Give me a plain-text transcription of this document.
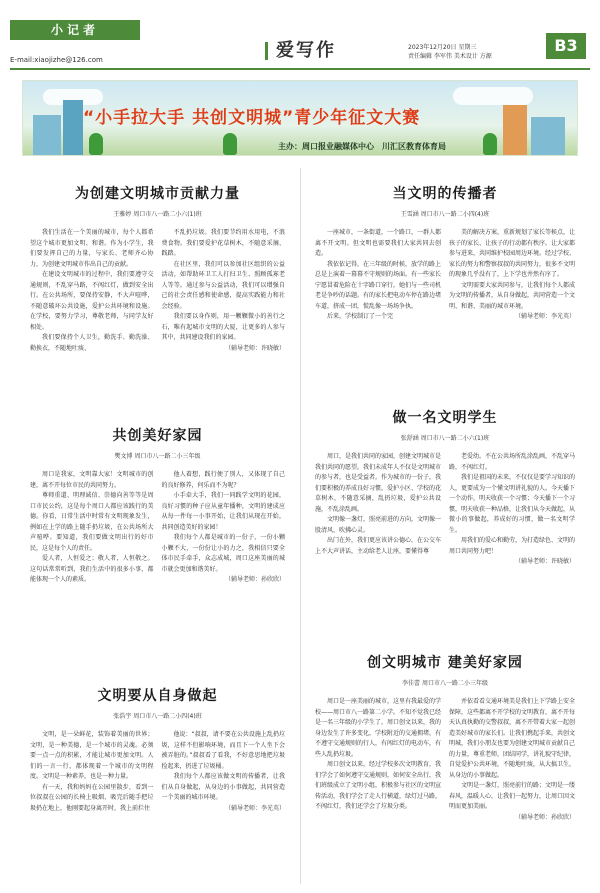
小记者
E-mail:xiaojizhe@126.com	爱写作	2023年12月20日 星期三
责任编辑 李军伟 美术设计 方源
B3
“小手拉大手 共创文明城”青少年征文大赛
主办：周口报业融媒体中心　川汇区教育体育局
为创建文明城市贡献力量
王雅婷 周口市八一路二小六(1)班

我们生活在一个美丽的城市，每个人都希望这个城市更加文明、和谐。作为小学生，我们要发挥自己的力量，与家长、老师齐心协力，为创建文明城市作出自己的贡献。

在建设文明城市的过程中，我们要遵守交通规则，不乱穿马路，不闯红灯，做到安全出行。在公共场所，要保持安静，不大声喧哗，不随意破坏公共设施，爱护公共环境和设施。在学校，要努力学习，尊敬老师，与同学友好相处。

我们要保持个人卫生，勤洗手、勤洗澡、勤换衣，不随地吐痰、

不乱扔垃圾。我们要节约用水用电，不浪费食物。我们要爱护花草树木，不随意采摘、践踏。

在社区里，我们可以参加社区组织的公益活动，如帮助环卫工人打扫卫生、照顾孤寡老人等等。通过参与公益活动，我们可以增强自己的社会责任感和使命感，提高实践能力和社会经验。

我们要以身作则，用一颗颗微小的善行之石，唯有起城市文明的大厦，让更多的人参与其中，共同建设我们的家园。

（辅导老师：许晓敏）
当文明的传播者
王雪涵 周口市八一路二小四(4)班

一座城市，一条街道，一个路口，一群人都离不开文明。但文明也需要我们大家共同去创造。

我依依记得，在三年级的时候，放学的路上总是上演着一幕幕不守规则的场面。有一些家长宁愿冒着危险在十字路口穿行，她们与一些司机老是争吵的话题。有的家长把电动车停在路边堵车道，挤成一团，慌乱像一场场争执。

后来，学校制订了一个完

美的解决方案，重新规划了家长等候点，让孩子的家长、让孩子的行动都有秩序。让大家都参与进来，共同维护校园周边环境。经过学校、家长的努力和警察叔叔的共同努力，很多不文明的现象几乎没有了，上下学也井然有序了。

文明需要大家共同参与，让我们每个人都成为文明的传播者，从自身做起，共同营造一个文明、和谐、美丽的城市环境。

（辅导老师：李光英）
共创美好家园
樊文博 周口市八一路二小三年级

周口是我家，文明靠大家！文明城市的创建，离不开每位市民的共同努力。

尊师重道、明理诚信、崇德向善等等是周口市民公约，这是每个周口人都应该践行的美德。你看，日常生活中时常有文明现象发生，例如在上学的路上随手扔垃圾，在公共场所大声喧哗。要知道，我们要做文明出行的好市民，这是每个人的责任。

爱人者，人恒爱之；敬人者，人恒敬之。这句话常常听到，我们生活中的很多小事，都能体现一个人的素质。

他人着想，践行便了别人，又体现了自己的良好修养，何乐而不为呢？

小手牵大手，我们一同践学文明的花园，良好习惯的种子应从童年播种，文明的建成应从每一件每一小事开始，让我们从现在开始，共同创造美好的家园！

我们每个人都是城市的一份子，一份小颗小颗不大，一份份让小的力之，我相信只要全体市民手牵手，众志成城，周口这座美丽的城市就会更加和谐美好。

（辅导老师：孙欣欣）
做一名文明学生
张舒涵 周口市八一路二小六(1)班

周口，是我们共同的家园，创建文明城市是我们共同的愿望。我们未成年人不仅是文明城市的参与者，也是受益者。作为城市的一份子，我们要积极的养成良好习惯，爱护小区、学校的花草树木，不随意采摘，乱扔垃圾，爱护公共设施，不乱涂乱画。

文明像一盏灯，照亮前进的方向，文明像一股清风，吹拂心灵。

出门在外，我们更应该讲公德心，在公交车上不大声讲话，主动给老人让座，要懂得尊

老爱幼。不在公共场所乱涂乱画，不乱穿马路，不闯红灯。

我们是祖国的未来，不仅仅是要学习知识的人，更要成为一个懂文明讲礼貌的人。今天播下一个动作，明天收获一个习惯；今天播下一个习惯，明天收获一种品格，让我们从今天做起，从微小的事做起，养成好的习惯，做一名文明学生。

用我们的爱心和勤劳，为打造绿色、文明的周口共同努力吧！

（辅导老师：许晓敏）
文明要从自身做起
张浩宇 周口市八一路二小四(4)班

文明，是一朵鲜花，装饰着美丽的世界；文明，是一种美德，是一个城市的灵魂。必须要一点一点的积累，才能让城市更加文明。人们的一言一行，都体现着一个城市的文明程度。文明是一种素养，也是一种力量。

有一天，我和妈妈在公园里散步，看到一位叔叔在公园的长椅上吸烟，吸完后随手把垃圾扔在地上，他刚要起身离开时，我上前拦住

他说：“叔叔，请不要在公共设施上乱扔垃圾，这样不但影响环境，而且下一个人坐下会被弄脏的。”叔叔看了看我，不好意思地把垃圾捡起来，扔进了垃圾桶。

我们每个人都应该做文明的传播者，让我们从自身做起，从身边的小事做起，共同营造一个美丽的城市环境。

（辅导老师：李光英）
创文明城市 建美好家园
李佳蕾 周口市八一路二小三年级

周口是一座美丽的城市，这里有我最爱的学校——周口市八一路第二小学。不知不觉我已经是一名三年级的小学生了，周口创文以来，我的身边发生了许多变化，学校附近的交通拥堵，有不遵守交通规则的行人，有闯红灯的电动车，有些人乱扔垃圾。

周口创文以来，经过学校多次文明教育，我们学会了如何遵守交通规则，如何安全出行，我们班级成立了文明小组，积极参与社区的文明宣传活动，我们学会了走人行横道，绿灯过马路，不闯红灯，我们还学会了垃圾分类。

并依看看交通环境美是我们上下学路上安全保障，这些都离不开学校的文明教育，离不开每天认真执勤的交警叔叔，离不开带着大家一起创造美好城市的家长们。让我们携起手来，共创文明城，我们小朋友也要为创建文明城市贡献自己的力量，尊重老师，团结同学，讲礼貌守纪律，自觉爱护公共环境，不随地吐痰，从大搞卫生，从身边的小事做起。

文明是一盏灯，照亮前行的路；文明是一缕春风，温暖人心，让我们一起努力，让周口因文明而更加美丽。

（辅导老师：孙欣欣）
